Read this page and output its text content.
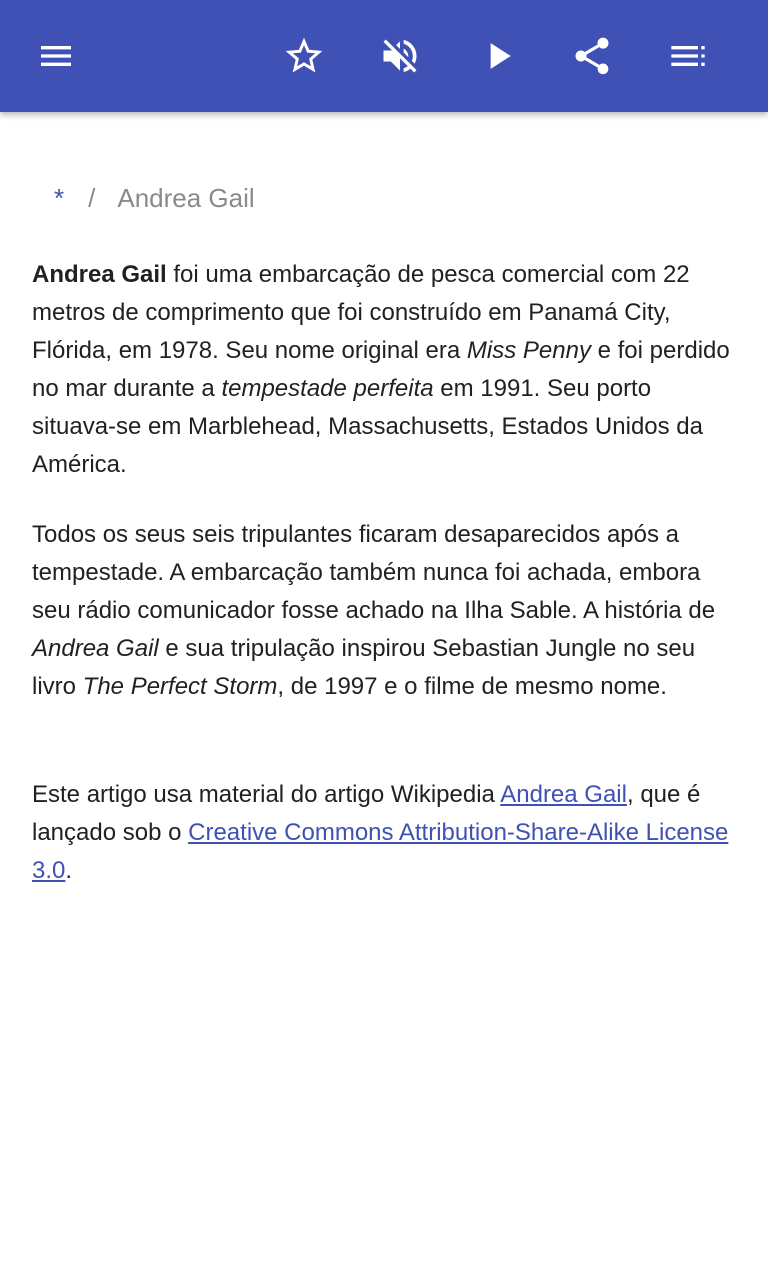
* / Andrea Gail

Andrea Gail foi uma embarcação de pesca comercial com 22 metros de comprimento que foi construído em Panamá City, Flórida, em 1978. Seu nome original era Miss Penny e foi perdido no mar durante a tempestade perfeita em 1991. Seu porto situava-se em Marblehead, Massachusetts, Estados Unidos da América.

Todos os seus seis tripulantes ficaram desaparecidos após a tempestade. A embarcação também nunca foi achada, embora seu rádio comunicador fosse achado na Ilha Sable. A história de Andrea Gail e sua tripulação inspirou Sebastian Jungle no seu livro The Perfect Storm, de 1997 e o filme de mesmo nome.

Este artigo usa material do artigo Wikipedia Andrea Gail, que é lançado sob o Creative Commons Attribution-Share-Alike License 3.0.
